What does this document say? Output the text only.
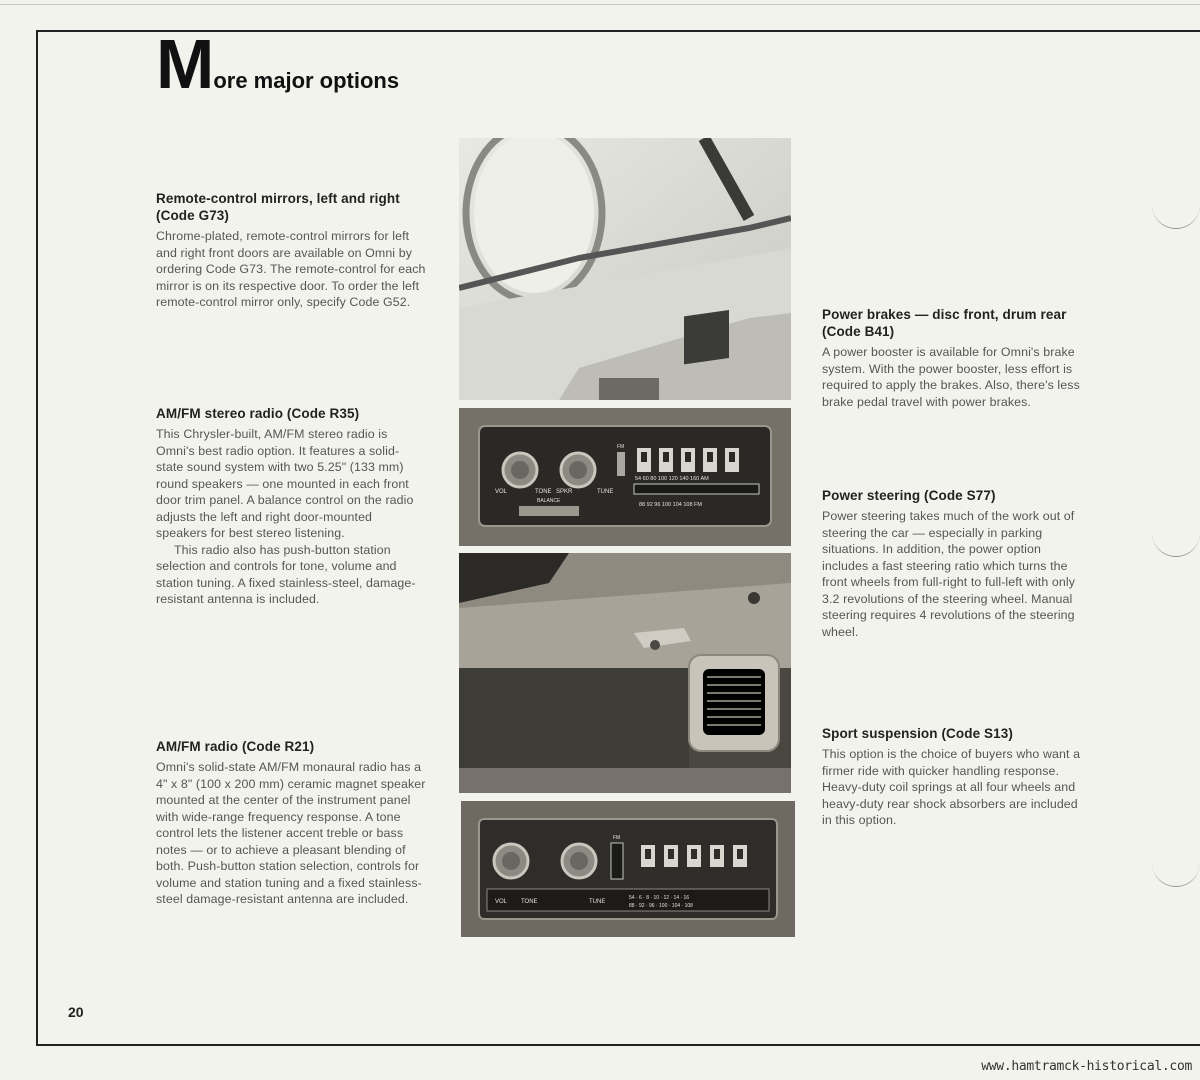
M ore major options
Remote-control mirrors, left and right
(Code G73)

Chrome-plated, remote-control mirrors for left and right front doors are available on Omni by ordering Code G73. The remote-control for each mirror is on its respective door. To order the left remote-control mirror only, specify Code G52.

AM/FM stereo radio (Code R35)

This Chrysler-built, AM/FM stereo radio is Omni's best radio option. It features a solid-state sound system with two 5.25" (133 mm) round speakers — one mounted in each front door trim panel. A balance control on the radio adjusts the left and right door-mounted speakers for best stereo listening.

This radio also has push-button station selection and controls for tone, volume and station tuning. A fixed stainless-steel, damage-resistant antenna is included.

AM/FM radio (Code R21)

Omni's solid-state AM/FM monaural radio has a 4" x 8" (100 x 200 mm) ceramic magnet speaker mounted at the center of the instrument panel with wide-range frequency response. A tone control lets the listener accent treble or bass notes — or to achieve a pleasant blending of both. Push-button station selection, controls for volume and station tuning and a fixed stainless-steel damage-resistant antenna are included.

Power brakes — disc front, drum rear
(Code B41)

A power booster is available for Omni's brake system. With the power booster, less effort is required to apply the brakes. Also, there's less brake pedal travel with power brakes.

Power steering (Code S77)

Power steering takes much of the work out of steering the car — especially in parking situations. In addition, the power option includes a fast steering ratio which turns the front wheels from full-right to full-left with only 3.2 revolutions of the steering wheel. Manual steering requires 4 revolutions of the steering wheel.

Sport suspension (Code S13)

This option is the choice of buyers who want a firmer ride with quicker handling response. Heavy-duty coil springs at all four wheels and heavy-duty rear shock absorbers are included in this option.

VOL	TONE SPKR	TUNE
BALANCE
FM
54 60 80 100 120 140 160 AM
88 92 96 100 104 108 FM
VOL TONE	TUNE
FM
54 · 6 · 8 · 10 · 12 · 14 · 16
88 · 92 · 96 · 100 · 104 · 108
20
www.hamtramck-historical.com
